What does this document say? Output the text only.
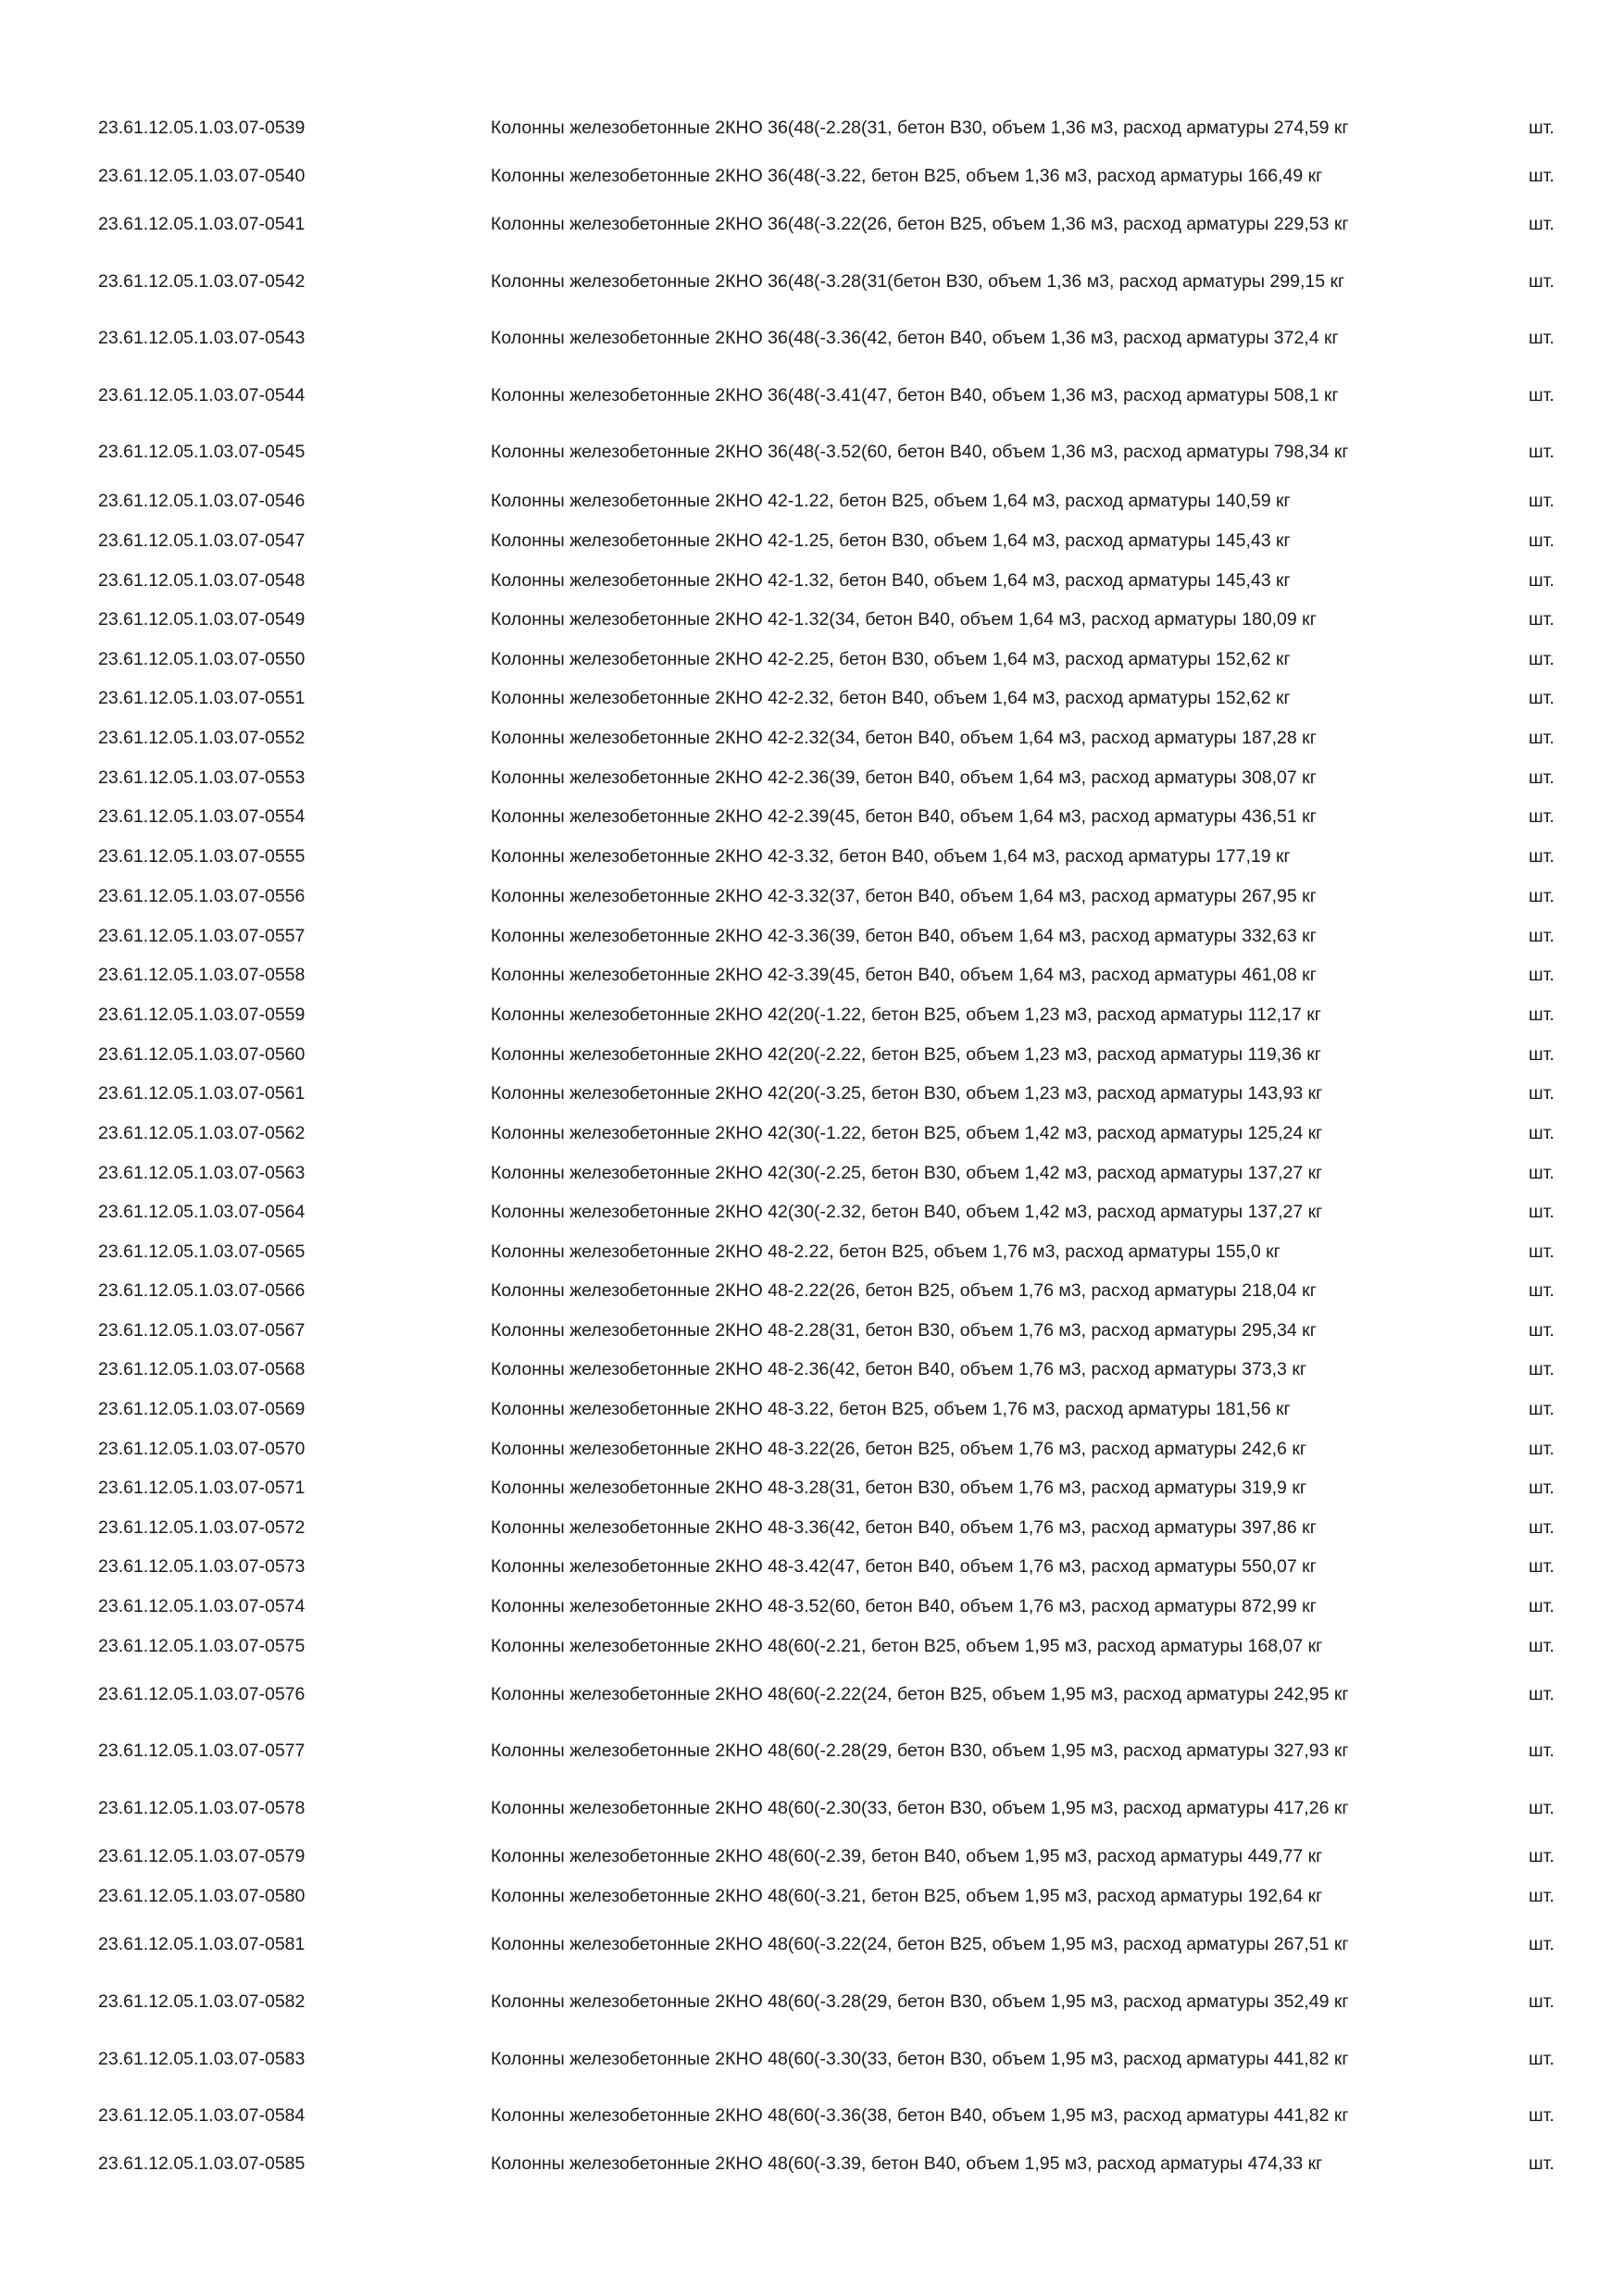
23.61.12.05.1.03.07-0539	Колонны железобетонные 2КНО 36(48(-2.28(31, бетон В30, объем 1,36 м3, расход арматуры 274,59 кг	шт.
23.61.12.05.1.03.07-0540	Колонны железобетонные 2КНО 36(48(-3.22, бетон В25, объем 1,36 м3, расход арматуры 166,49 кг	шт.
23.61.12.05.1.03.07-0541	Колонны железобетонные 2КНО 36(48(-3.22(26, бетон В25, объем 1,36 м3, расход арматуры 229,53 кг	шт.
23.61.12.05.1.03.07-0542	Колонны железобетонные 2КНО 36(48(-3.28(31(бетон В30, объем 1,36 м3, расход арматуры 299,15 кг	шт.
23.61.12.05.1.03.07-0543	Колонны железобетонные 2КНО 36(48(-3.36(42, бетон В40, объем 1,36 м3, расход арматуры 372,4 кг	шт.
23.61.12.05.1.03.07-0544	Колонны железобетонные 2КНО 36(48(-3.41(47, бетон В40, объем 1,36 м3, расход арматуры 508,1 кг	шт.
23.61.12.05.1.03.07-0545	Колонны железобетонные 2КНО 36(48(-3.52(60, бетон В40, объем 1,36 м3, расход арматуры 798,34 кг	шт.
23.61.12.05.1.03.07-0546	Колонны железобетонные 2КНО 42-1.22, бетон В25, объем 1,64 м3, расход арматуры 140,59 кг	шт.
23.61.12.05.1.03.07-0547	Колонны железобетонные 2КНО 42-1.25, бетон В30, объем 1,64 м3, расход арматуры 145,43 кг	шт.
23.61.12.05.1.03.07-0548	Колонны железобетонные 2КНО 42-1.32, бетон В40, объем 1,64 м3, расход арматуры 145,43 кг	шт.
23.61.12.05.1.03.07-0549	Колонны железобетонные 2КНО 42-1.32(34, бетон В40, объем 1,64 м3, расход арматуры 180,09 кг	шт.
23.61.12.05.1.03.07-0550	Колонны железобетонные 2КНО 42-2.25, бетон В30, объем 1,64 м3, расход арматуры 152,62 кг	шт.
23.61.12.05.1.03.07-0551	Колонны железобетонные 2КНО 42-2.32, бетон В40, объем 1,64 м3, расход арматуры 152,62 кг	шт.
23.61.12.05.1.03.07-0552	Колонны железобетонные 2КНО 42-2.32(34, бетон В40, объем 1,64 м3, расход арматуры 187,28 кг	шт.
23.61.12.05.1.03.07-0553	Колонны железобетонные 2КНО 42-2.36(39, бетон В40, объем 1,64 м3, расход арматуры 308,07 кг	шт.
23.61.12.05.1.03.07-0554	Колонны железобетонные 2КНО 42-2.39(45, бетон В40, объем 1,64 м3, расход арматуры 436,51 кг	шт.
23.61.12.05.1.03.07-0555	Колонны железобетонные 2КНО 42-3.32, бетон В40, объем 1,64 м3, расход арматуры 177,19 кг	шт.
23.61.12.05.1.03.07-0556	Колонны железобетонные 2КНО 42-3.32(37, бетон В40, объем 1,64 м3, расход арматуры 267,95 кг	шт.
23.61.12.05.1.03.07-0557	Колонны железобетонные 2КНО 42-3.36(39, бетон В40, объем 1,64 м3, расход арматуры 332,63 кг	шт.
23.61.12.05.1.03.07-0558	Колонны железобетонные 2КНО 42-3.39(45, бетон В40, объем 1,64 м3, расход арматуры 461,08 кг	шт.
23.61.12.05.1.03.07-0559	Колонны железобетонные 2КНО 42(20(-1.22, бетон В25, объем 1,23 м3, расход арматуры 112,17 кг	шт.
23.61.12.05.1.03.07-0560	Колонны железобетонные 2КНО 42(20(-2.22, бетон В25, объем 1,23 м3, расход арматуры 119,36 кг	шт.
23.61.12.05.1.03.07-0561	Колонны железобетонные 2КНО 42(20(-3.25, бетон В30, объем 1,23 м3, расход арматуры 143,93 кг	шт.
23.61.12.05.1.03.07-0562	Колонны железобетонные 2КНО 42(30(-1.22, бетон В25, объем 1,42 м3, расход арматуры 125,24 кг	шт.
23.61.12.05.1.03.07-0563	Колонны железобетонные 2КНО 42(30(-2.25, бетон В30, объем 1,42 м3, расход арматуры 137,27 кг	шт.
23.61.12.05.1.03.07-0564	Колонны железобетонные 2КНО 42(30(-2.32, бетон В40, объем 1,42 м3, расход арматуры 137,27 кг	шт.
23.61.12.05.1.03.07-0565	Колонны железобетонные 2КНО 48-2.22, бетон В25, объем 1,76 м3, расход арматуры 155,0 кг	шт.
23.61.12.05.1.03.07-0566	Колонны железобетонные 2КНО 48-2.22(26, бетон В25, объем 1,76 м3, расход арматуры 218,04 кг	шт.
23.61.12.05.1.03.07-0567	Колонны железобетонные 2КНО 48-2.28(31, бетон В30, объем 1,76 м3, расход арматуры 295,34 кг	шт.
23.61.12.05.1.03.07-0568	Колонны железобетонные 2КНО 48-2.36(42, бетон В40, объем 1,76 м3, расход арматуры 373,3 кг	шт.
23.61.12.05.1.03.07-0569	Колонны железобетонные 2КНО 48-3.22, бетон В25, объем 1,76 м3, расход арматуры 181,56 кг	шт.
23.61.12.05.1.03.07-0570	Колонны железобетонные 2КНО 48-3.22(26, бетон В25, объем 1,76 м3, расход арматуры 242,6 кг	шт.
23.61.12.05.1.03.07-0571	Колонны железобетонные 2КНО 48-3.28(31, бетон В30, объем 1,76 м3, расход арматуры 319,9 кг	шт.
23.61.12.05.1.03.07-0572	Колонны железобетонные 2КНО 48-3.36(42, бетон В40, объем 1,76 м3, расход арматуры 397,86 кг	шт.
23.61.12.05.1.03.07-0573	Колонны железобетонные 2КНО 48-3.42(47, бетон В40, объем 1,76 м3, расход арматуры 550,07 кг	шт.
23.61.12.05.1.03.07-0574	Колонны железобетонные 2КНО 48-3.52(60, бетон В40, объем 1,76 м3, расход арматуры 872,99 кг	шт.
23.61.12.05.1.03.07-0575	Колонны железобетонные 2КНО 48(60(-2.21, бетон В25, объем 1,95 м3, расход арматуры 168,07 кг	шт.
23.61.12.05.1.03.07-0576	Колонны железобетонные 2КНО 48(60(-2.22(24, бетон В25, объем 1,95 м3, расход арматуры 242,95 кг	шт.
23.61.12.05.1.03.07-0577	Колонны железобетонные 2КНО 48(60(-2.28(29, бетон В30, объем 1,95 м3, расход арматуры 327,93 кг	шт.
23.61.12.05.1.03.07-0578	Колонны железобетонные 2КНО 48(60(-2.30(33, бетон В30, объем 1,95 м3, расход арматуры 417,26 кг	шт.
23.61.12.05.1.03.07-0579	Колонны железобетонные 2КНО 48(60(-2.39, бетон В40, объем 1,95 м3, расход арматуры 449,77 кг	шт.
23.61.12.05.1.03.07-0580	Колонны железобетонные 2КНО 48(60(-3.21, бетон В25, объем 1,95 м3, расход арматуры 192,64 кг	шт.
23.61.12.05.1.03.07-0581	Колонны железобетонные 2КНО 48(60(-3.22(24, бетон В25, объем 1,95 м3, расход арматуры 267,51 кг	шт.
23.61.12.05.1.03.07-0582	Колонны железобетонные 2КНО 48(60(-3.28(29, бетон В30, объем 1,95 м3, расход арматуры 352,49 кг	шт.
23.61.12.05.1.03.07-0583	Колонны железобетонные 2КНО 48(60(-3.30(33, бетон В30, объем 1,95 м3, расход арматуры 441,82 кг	шт.
23.61.12.05.1.03.07-0584	Колонны железобетонные 2КНО 48(60(-3.36(38, бетон В40, объем 1,95 м3, расход арматуры 441,82 кг	шт.
23.61.12.05.1.03.07-0585	Колонны железобетонные 2КНО 48(60(-3.39, бетон В40, объем 1,95 м3, расход арматуры 474,33 кг	шт.
